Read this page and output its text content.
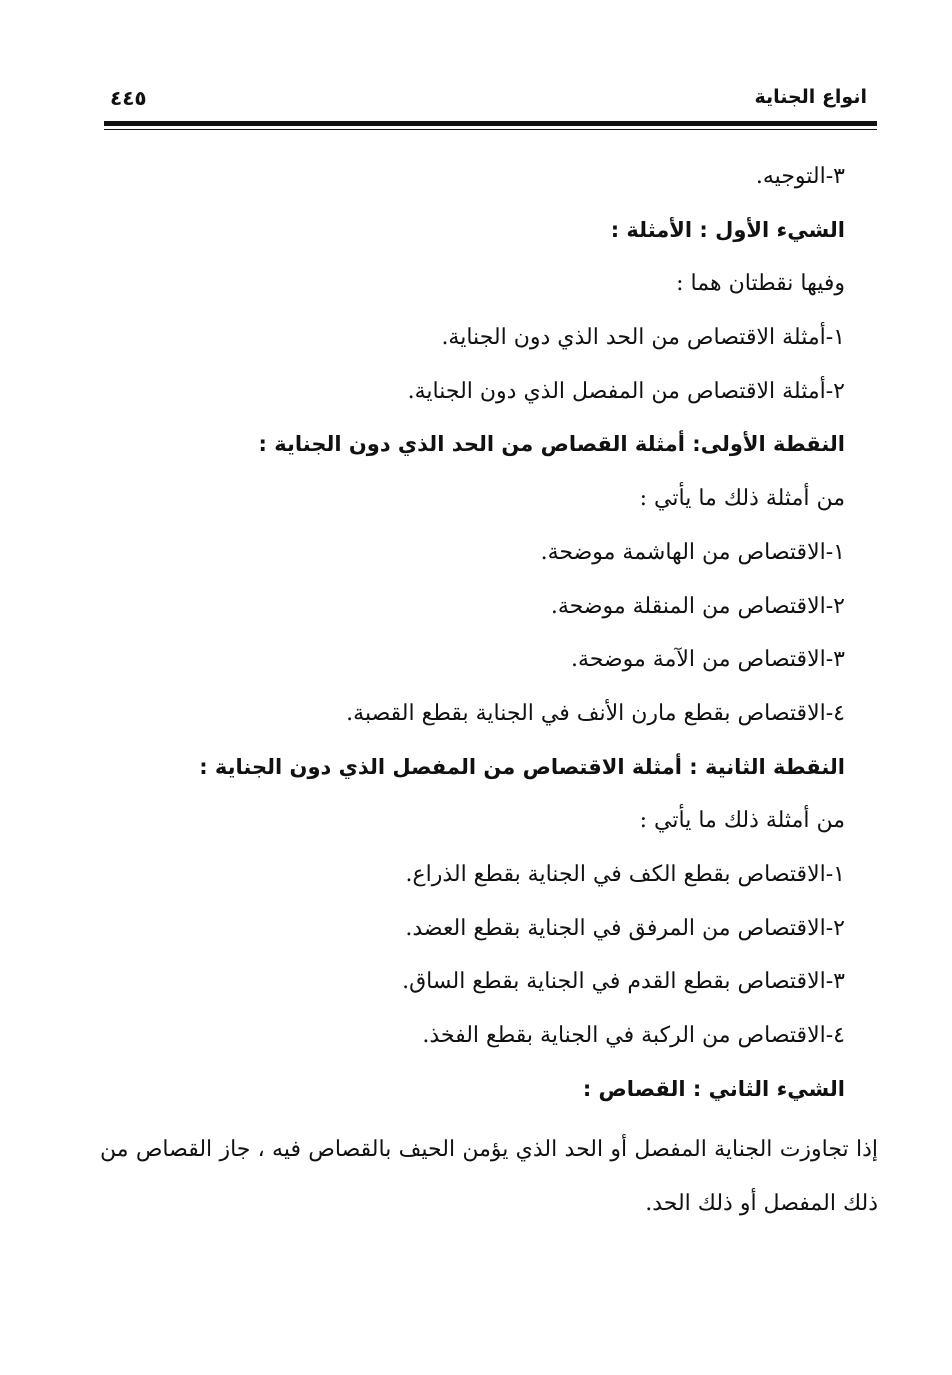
انواع الجناية
٤٤٥
٣-التوجيه.
الشيء الأول : الأمثلة :
وفيها نقطتان هما :
١-أمثلة الاقتصاص من الحد الذي دون الجناية.
٢-أمثلة الاقتصاص من المفصل الذي دون الجناية.
النقطة الأولى: أمثلة القصاص من الحد الذي دون الجناية :
من أمثلة ذلك ما يأتي :
١-الاقتصاص من الهاشمة موضحة.
٢-الاقتصاص من المنقلة موضحة.
٣-الاقتصاص من الآمة موضحة.
٤-الاقتصاص بقطع مارن الأنف في الجناية بقطع القصبة.
النقطة الثانية : أمثلة الاقتصاص من المفصل الذي دون الجناية :
من أمثلة ذلك ما يأتي :
١-الاقتصاص بقطع الكف في الجناية بقطع الذراع.
٢-الاقتصاص من المرفق في الجناية بقطع العضد.
٣-الاقتصاص بقطع القدم في الجناية بقطع الساق.
٤-الاقتصاص من الركبة في الجناية بقطع الفخذ.
الشيء الثاني : القصاص :
إذا تجاوزت الجناية المفصل أو الحد الذي يؤمن الحيف بالقصاص فيه ، جاز القصاص من ذلك المفصل أو ذلك الحد.
